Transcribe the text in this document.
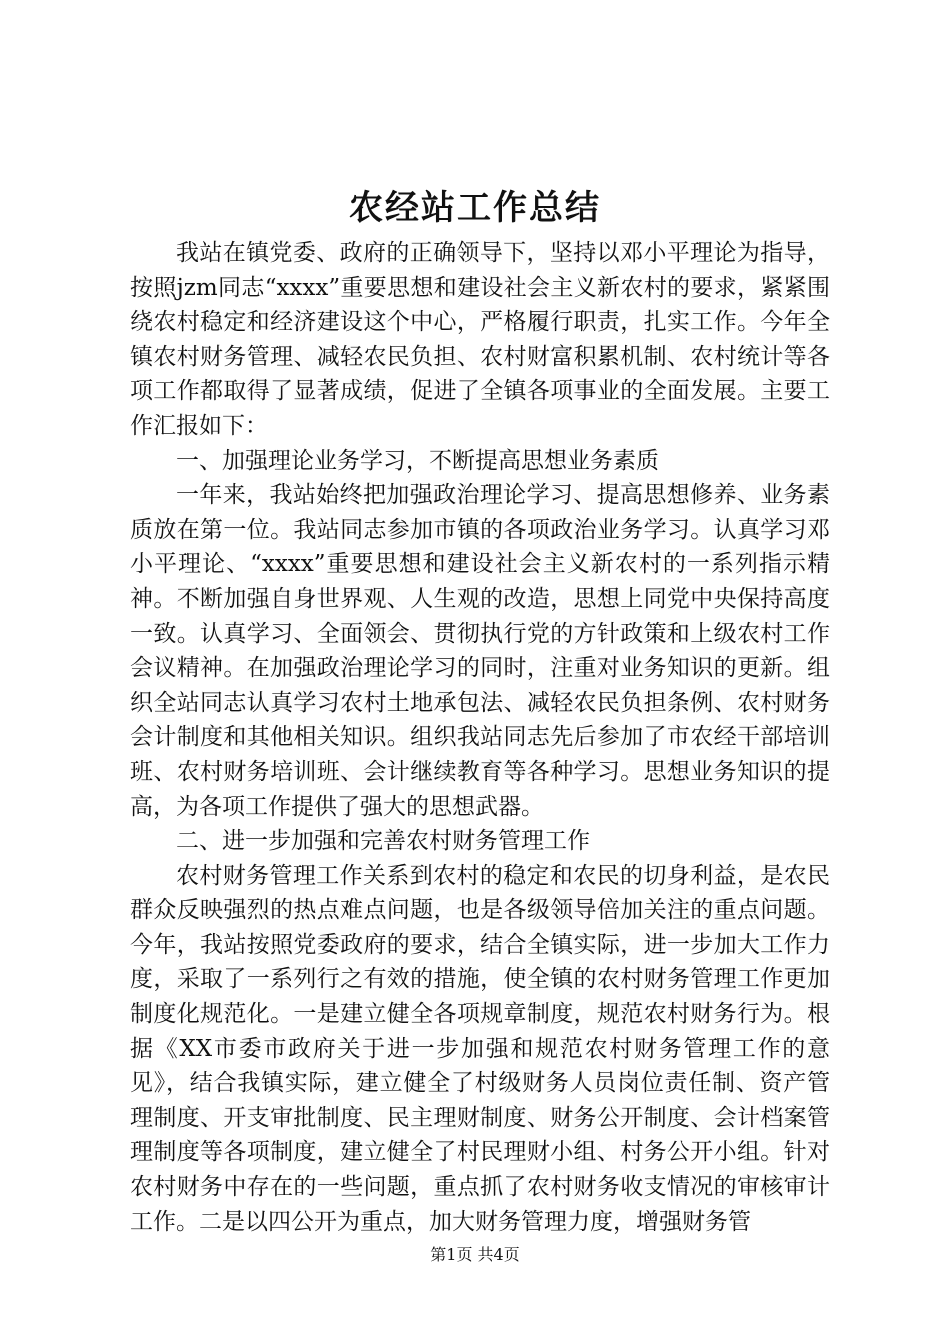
农经站工作总结

我站在镇党委、政府的正确领导下，坚持以邓小平理论为指导，按照jzm同志“xxxx”重要思想和建设社会主义新农村的要求，紧紧围绕农村稳定和经济建设这个中心，严格履行职责，扎实工作。今年全镇农村财务管理、减轻农民负担、农村财富积累机制、农村统计等各项工作都取得了显著成绩，促进了全镇各项事业的全面发展。主要工作汇报如下：

一、加强理论业务学习，不断提高思想业务素质

一年来，我站始终把加强政治理论学习、提高思想修养、业务素质放在第一位。我站同志参加市镇的各项政治业务学习。认真学习邓小平理论、“xxxx”重要思想和建设社会主义新农村的一系列指示精神。不断加强自身世界观、人生观的改造，思想上同党中央保持高度一致。认真学习、全面领会、贯彻执行党的方针政策和上级农村工作会议精神。在加强政治理论学习的同时，注重对业务知识的更新。组织全站同志认真学习农村土地承包法、减轻农民负担条例、农村财务会计制度和其他相关知识。组织我站同志先后参加了市农经干部培训班、农村财务培训班、会计继续教育等各种学习。思想业务知识的提高，为各项工作提供了强大的思想武器。

二、进一步加强和完善农村财务管理工作

农村财务管理工作关系到农村的稳定和农民的切身利益，是农民群众反映强烈的热点难点问题，也是各级领导倍加关注的重点问题。今年，我站按照党委政府的要求，结合全镇实际，进一步加大工作力度，采取了一系列行之有效的措施，使全镇的农村财务管理工作更加制度化规范化。一是建立健全各项规章制度，规范农村财务行为。根据《XX市委市政府关于进一步加强和规范农村财务管理工作的意见》，结合我镇实际，建立健全了村级财务人员岗位责任制、资产管理制度、开支审批制度、民主理财制度、财务公开制度、会计档案管理制度等各项制度，建立健全了村民理财小组、村务公开小组。针对农村财务中存在的一些问题，重点抓了农村财务收支情况的审核审计工作。二是以四公开为重点，加大财务管理力度，增强财务管

第1页 共4页
